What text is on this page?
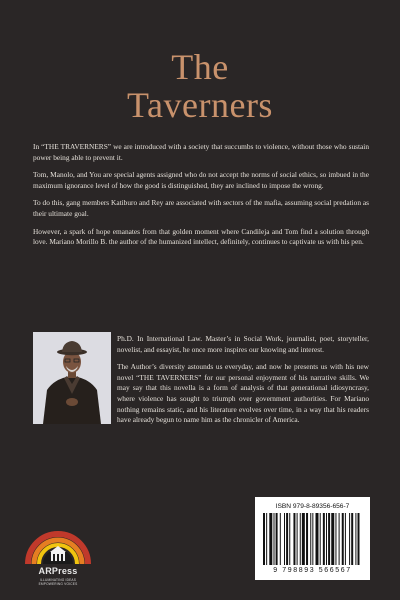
The
Taverners

In “THE TRAVERNERS” we are introduced with a society that succumbs to violence, without those who sustain power being able to prevent it.

Tom, Manolo, and You are special agents assigned who do not accept the norms of social ethics, so imbued in the maximum ignorance level of how the good is distinguished, they are inclined to impose the wrong.

To do this, gang members Katiburo and Rey are associated with sectors of the mafia, assuming social predation as their ultimate goal.

However, a spark of hope emanates from that golden moment where Candileja and Tom find a solution through love. Mariano Morillo B. the author of the humanized intellect, definitely, continues to captivate us with his pen.

Ph.D. In International Law. Master’s in Social Work, journalist, poet, storyteller, novelist, and essayist, he once more inspires our knowing and interest.

The Author’s diversity astounds us everyday, and now he presents us with his new novel “THE TAVERNERS” for our personal enjoyment of his narrative skills. We may say that this novella is a form of analysis of that generational idiosyncrasy, where violence has sought to triumph over government authorities. For Mariano nothing remains static, and his literature evolves over time, in a way that his readers have already begun to name him as the chronicler of America.

ARPress
ILLUMINATING IDEAS
EMPOWERING VOICES
ISBN 979-8-89356-656-7
9 798893 566567
